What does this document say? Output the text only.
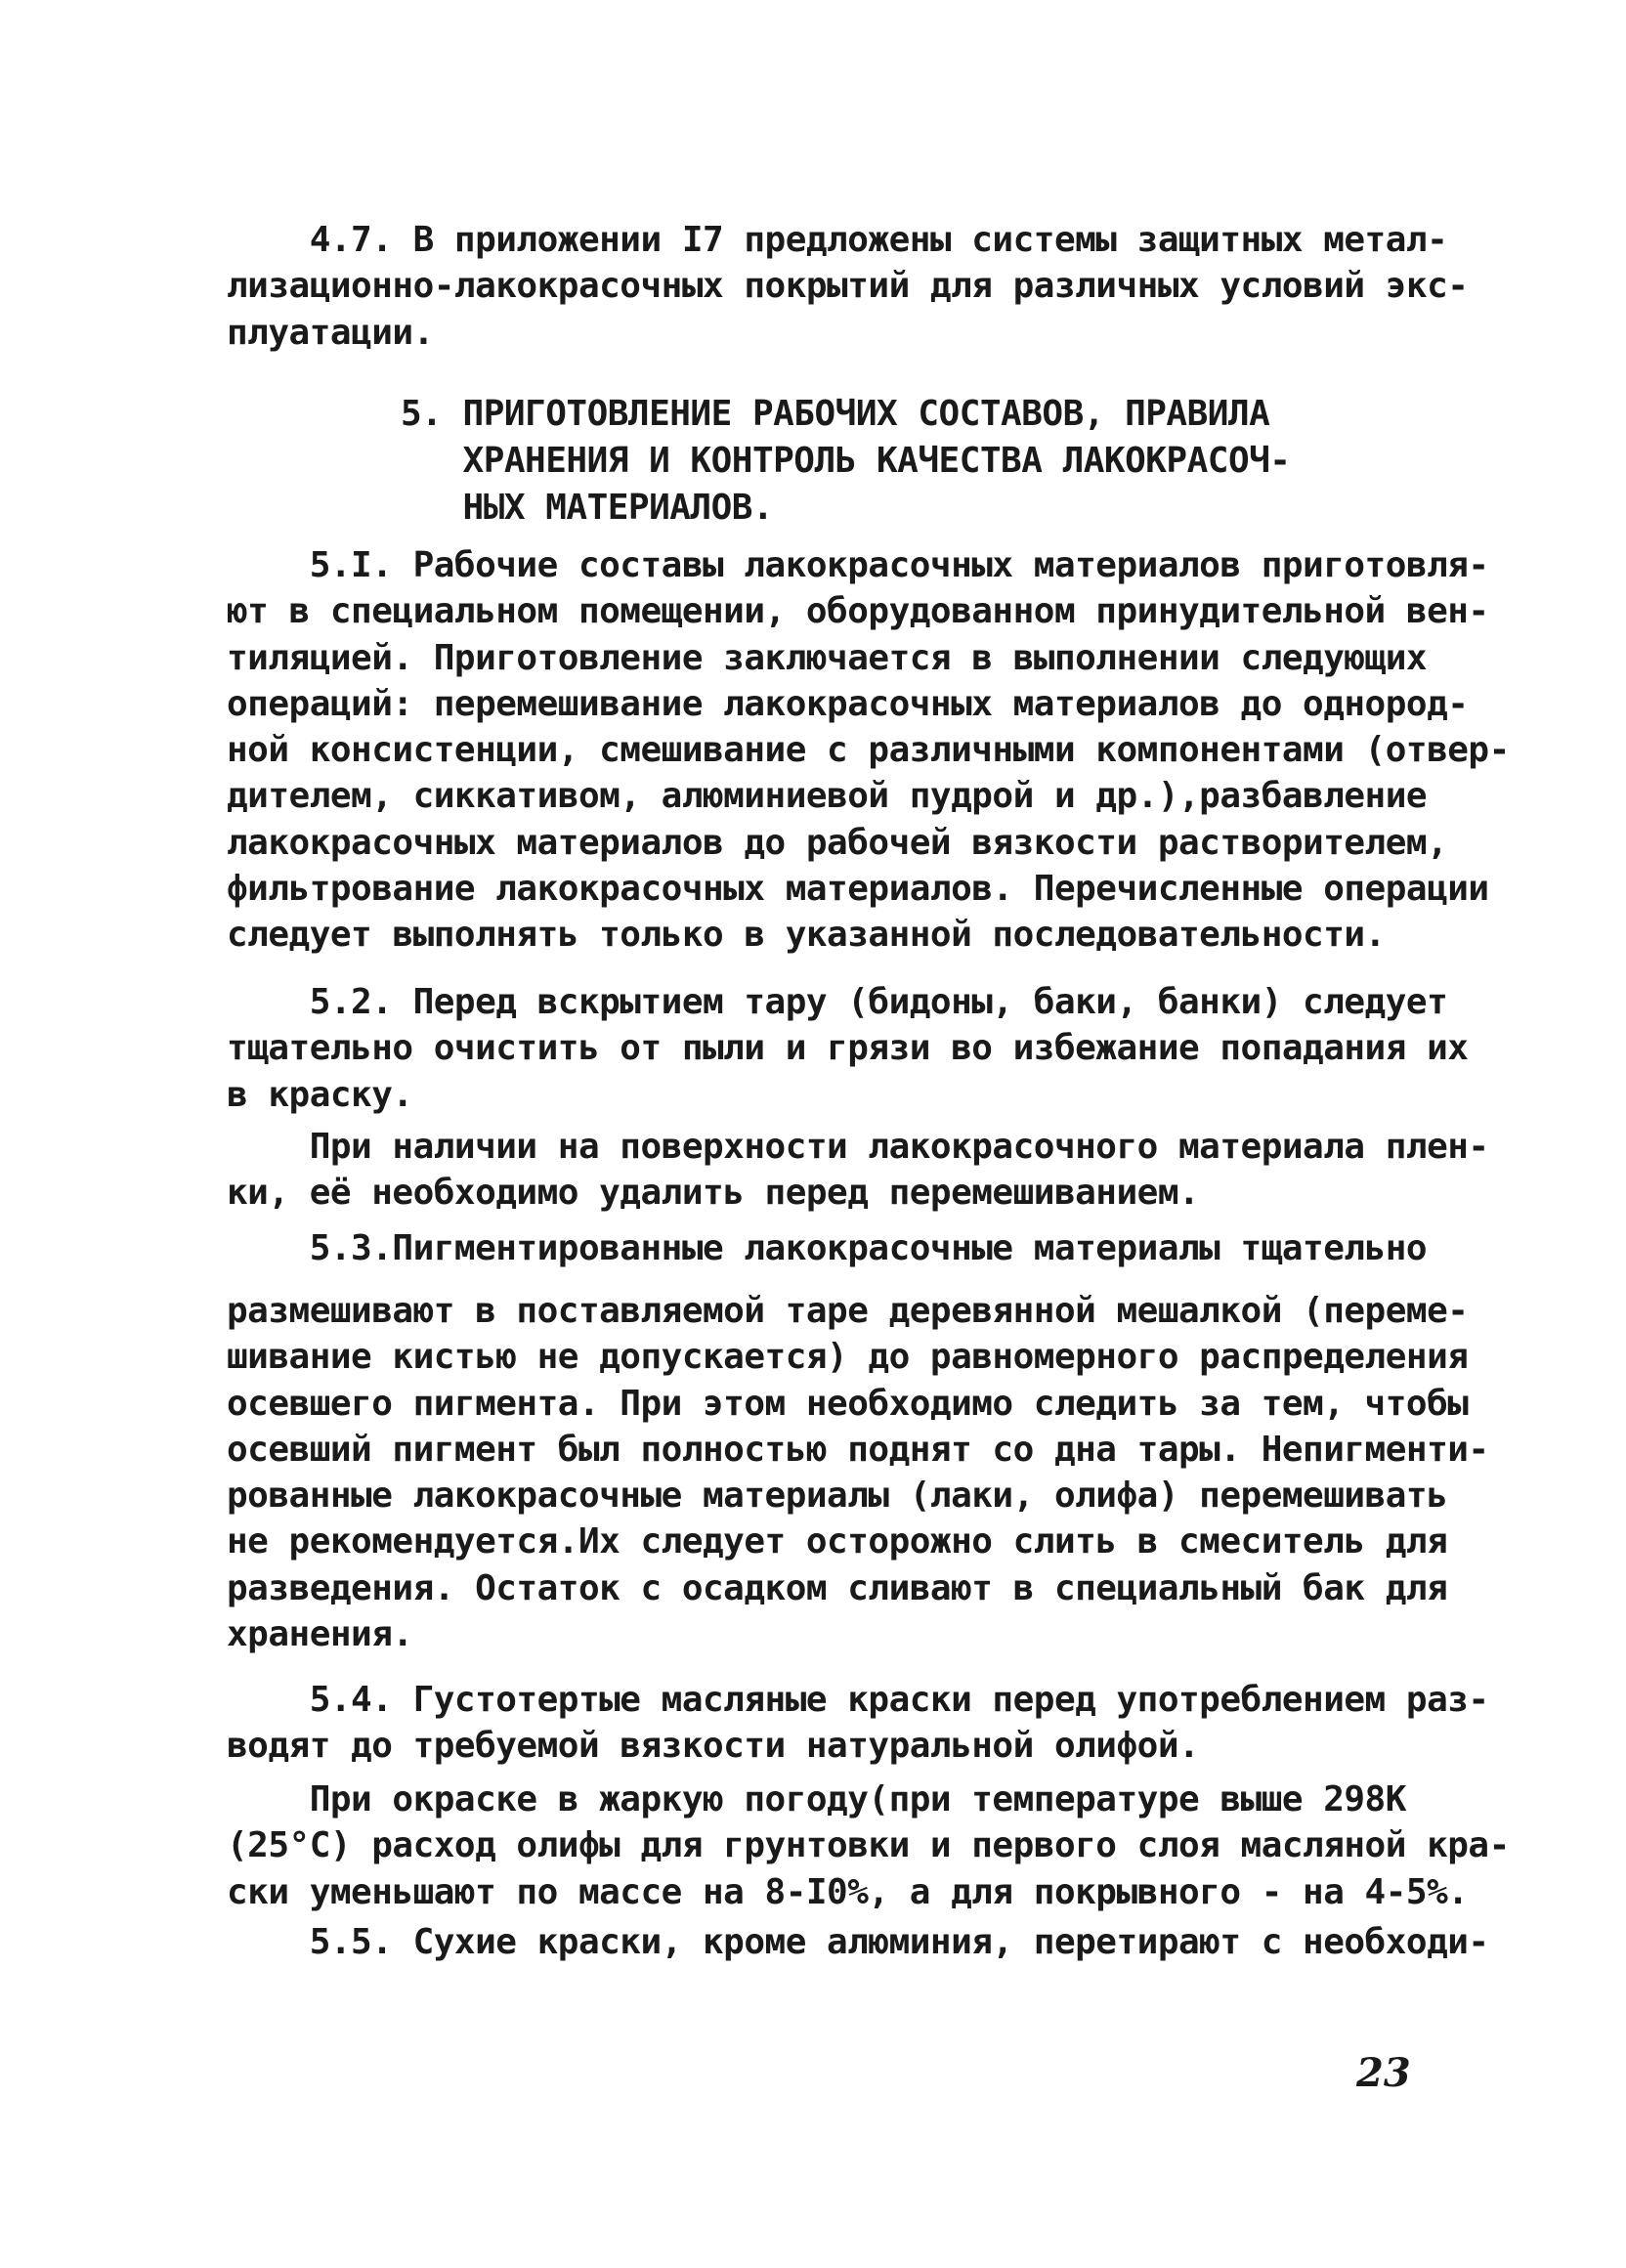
4.7. В приложении I7 предложены системы защитных метал-
лизационно-лакокрасочных покрытий для различных условий экс-
плуатации.

5. ПРИГОТОВЛЕНИЕ РАБОЧИХ СОСТАВОВ, ПРАВИЛА
ХРАНЕНИЯ И КОНТРОЛЬ КАЧЕСТВА ЛАКОКРАСОЧ-
НЫХ МАТЕРИАЛОВ.

5.I. Рабочие составы лакокрасочных материалов приготовля-
ют в специальном помещении, оборудованном принудительной вен-
тиляцией. Приготовление заключается в выполнении следующих
операций: перемешивание лакокрасочных материалов до однород-
ной консистенции, смешивание с различными компонентами (отвер-
дителем, сиккативом, алюминиевой пудрой и др.),разбавление
лакокрасочных материалов до рабочей вязкости растворителем,
фильтрование лакокрасочных материалов. Перечисленные операции
следует выполнять только в указанной последовательности.

5.2. Перед вскрытием тару (бидоны, баки, банки) следует
тщательно очистить от пыли и грязи во избежание попадания их
в краску.

При наличии на поверхности лакокрасочного материала плен-
ки, её необходимо удалить перед перемешиванием.

5.3.Пигментированные лакокрасочные материалы тщательно

размешивают в поставляемой таре деревянной мешалкой (переме-
шивание кистью не допускается) до равномерного распределения
осевшего пигмента. При этом необходимо следить за тем, чтобы
осевший пигмент был полностью поднят со дна тары. Непигменти-
рованные лакокрасочные материалы (лаки, олифа) перемешивать
не рекомендуется.Их следует осторожно слить в смеситель для
разведения. Остаток с осадком сливают в специальный бак для
хранения.

5.4. Густотертые масляные краски перед употреблением раз-
водят до требуемой вязкости натуральной олифой.

При окраске в жаркую погоду(при температуре выше 298К
(25°С) расход олифы для грунтовки и первого слоя масляной кра-
ски уменьшают по массе на 8-I0%, а для покрывного - на 4-5%.

5.5. Сухие краски, кроме алюминия, перетирают с необходи-

23
